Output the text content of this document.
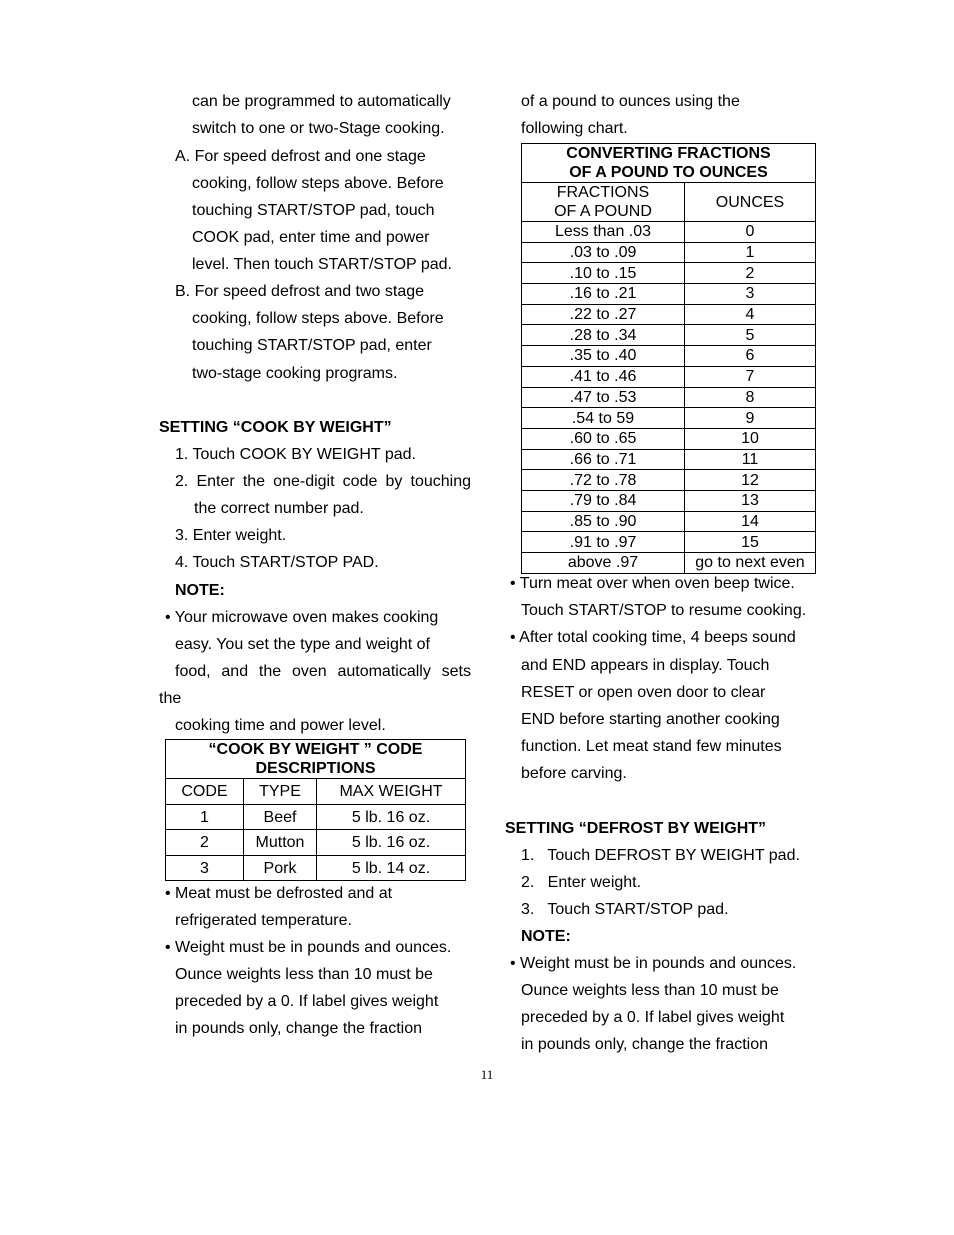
can be programmed to automatically
switch to one or two-Stage cooking.
A. For speed defrost and one stage
cooking, follow steps above. Before
touching START/STOP pad, touch
COOK pad, enter time and power
level. Then touch START/STOP pad.
B. For speed defrost and two stage
cooking, follow steps above. Before
touching START/STOP pad, enter
two-stage cooking programs.
SETTING “COOK BY WEIGHT”
1. Touch COOK BY WEIGHT pad.
2. Enter the one-digit code by touching
the correct number pad.
3. Enter weight.
4. Touch START/STOP PAD.
NOTE:
• Your microwave oven makes cooking
easy. You set the type and weight of
food, and the oven automatically sets
the
cooking time and power level.
“COOK BY WEIGHT ” CODE
DESCRIPTIONS		
CODE	TYPE	MAX WEIGHT
1	Beef	5 lb. 16 oz.
2	Mutton	5 lb. 16 oz.
3	Pork	5 lb. 14 oz.
• Meat must be defrosted and at
refrigerated temperature.
• Weight must be in pounds and ounces.
Ounce weights less than 10 must be
preceded by a 0. If label gives weight
in pounds only, change the fraction
of a pound to ounces using the
following chart.
CONVERTING FRACTIONS
OF A POUND TO OUNCES	
FRACTIONS
OF A POUND	OUNCES
Less than .03	0
.03 to .09	1
.10 to .15	2
.16 to .21	3
.22 to .27	4
.28 to .34	5
.35 to .40	6
.41 to .46	7
.47 to .53	8
.54 to 59	9
.60 to .65	10
.66 to .71	11
.72 to .78	12
.79 to .84	13
.85 to .90	14
.91 to .97	15
above .97	go to next even
• Turn meat over when oven beep twice.
Touch START/STOP to resume cooking.
• After total cooking time, 4 beeps sound
and END appears in display. Touch
RESET or open oven door to clear
END before starting another cooking
function. Let meat stand few minutes
before carving.
SETTING “DEFROST BY WEIGHT”
1.   Touch DEFROST BY WEIGHT pad.
2.   Enter weight.
3.   Touch START/STOP pad.
NOTE:
• Weight must be in pounds and ounces.
Ounce weights less than 10 must be
preceded by a 0. If label gives weight
in pounds only, change the fraction
11
